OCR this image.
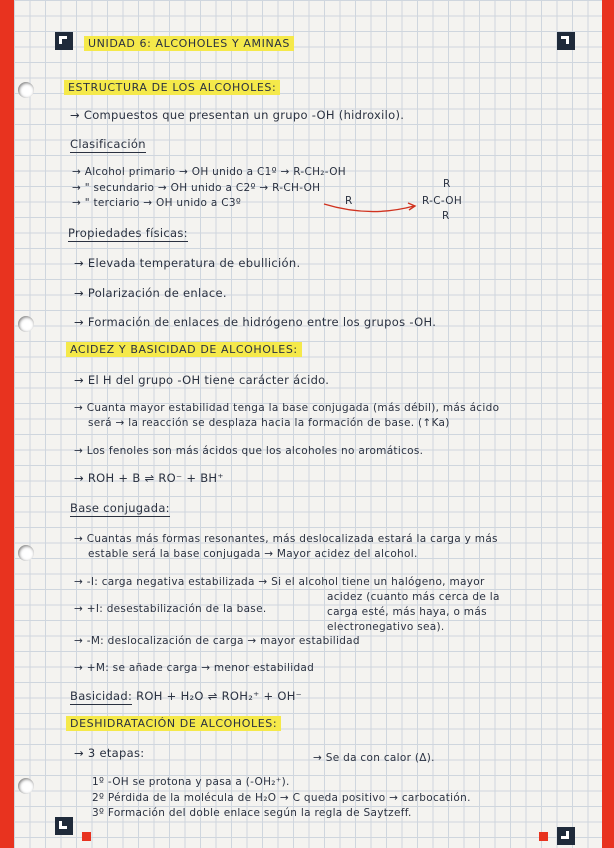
UNIDAD 6: ALCOHOLES Y AMINAS
ESTRUCTURA DE LOS ALCOHOLES:
→ Compuestos que presentan un grupo -OH (hidroxilo).
Clasificación
→ Alcohol primario → OH unido a C1º → R-CH₂-OH
→ " secundario → OH unido a C2º → R-CH-OH	R
→ " terciario → OH unido a C3º	R	R-C-OH
R
Propiedades físicas:
→ Elevada temperatura de ebullición.
→ Polarización de enlace.
→ Formación de enlaces de hidrógeno entre los grupos -OH.
ACIDEZ Y BASICIDAD DE ALCOHOLES:
→ El H del grupo -OH tiene carácter ácido.
→ Cuanta mayor estabilidad tenga la base conjugada (más débil), más ácido
será → la reacción se desplaza hacia la formación de base. (↑Ka)
→ Los fenoles son más ácidos que los alcoholes no aromáticos.
→ ROH + B ⇌ RO⁻ + BH⁺
Base conjugada:
→ Cuantas más formas resonantes, más deslocalizada estará la carga y más
estable será la base conjugada → Mayor acidez del alcohol.
→ -I: carga negativa estabilizada → Si el alcohol tiene un halógeno, mayor
acidez (cuanto más cerca de la
→ +I: desestabilización de la base.	carga esté, más haya, o más
electronegativo sea).
→ -M: deslocalización de carga → mayor estabilidad
→ +M: se añade carga → menor estabilidad
Basicidad: ROH + H₂O ⇌ ROH₂⁺ + OH⁻
DESHIDRATACIÓN DE ALCOHOLES:
→ 3 etapas:	→ Se da con calor (Δ).
1º -OH se protona y pasa a (-OH₂⁺).
2º Pérdida de la molécula de H₂O → C queda positivo → carbocatión.
3º Formación del doble enlace según la regla de Saytzeff.
